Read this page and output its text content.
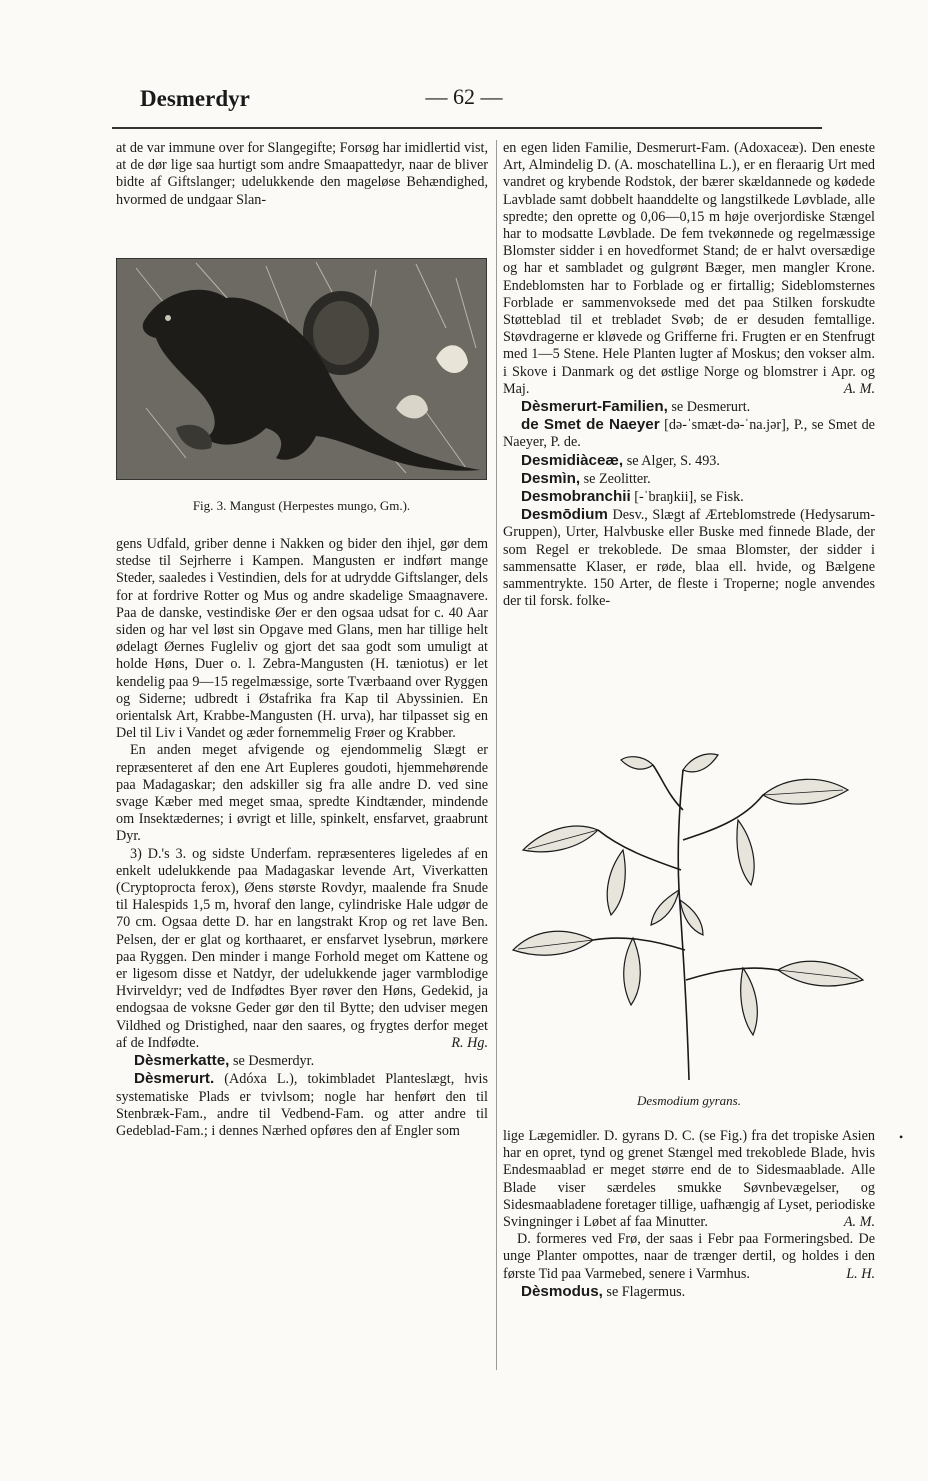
Desmerdyr	— 62 —

at de var immune over for Slangegifte; Forsøg har imidlertid vist, at de dør lige saa hurtigt som andre Smaapattedyr, naar de bliver bidte af Giftslanger; udelukkende den mageløse Behændighed, hvormed de undgaar Slan-

Fig. 3. Mangust (Herpestes mungo, Gm.).

gens Udfald, griber denne i Nakken og bider den ihjel, gør dem stedse til Sejrherre i Kampen. Mangusten er indført mange Steder, saaledes i Vestindien, dels for at udrydde Giftslanger, dels for at fordrive Rotter og Mus og andre skadelige Smaagnavere. Paa de danske, vestindiske Øer er den ogsaa udsat for c. 40 Aar siden og har vel løst sin Opgave med Glans, men har tillige helt ødelagt Øernes Fugleliv og gjort det saa godt som umuligt at holde Høns, Duer o. l. Zebra-Mangusten (H. tæniotus) er let kendelig paa 9—15 regelmæssige, sorte Tværbaand over Ryggen og Siderne; udbredt i Østafrika fra Kap til Abyssinien. En orientalsk Art, Krabbe-Mangusten (H. urva), har tilpasset sig en Del til Liv i Vandet og æder fornemmelig Frøer og Krabber.

En anden meget afvigende og ejendommelig Slægt er repræsenteret af den ene Art Eupleres goudoti, hjemmehørende paa Madagaskar; den adskiller sig fra alle andre D. ved sine svage Kæber med meget smaa, spredte Kindtænder, mindende om Insektædernes; i øvrigt et lille, spinkelt, ensfarvet, graabrunt Dyr.

3) D.'s 3. og sidste Underfam. repræsenteres ligeledes af en enkelt udelukkende paa Madagaskar levende Art, Viverkatten (Cryptoprocta ferox), Øens største Rovdyr, maalende fra Snude til Halespids 1,5 m, hvoraf den lange, cylindriske Hale udgør de 70 cm. Ogsaa dette D. har en langstrakt Krop og ret lave Ben. Pelsen, der er glat og korthaaret, er ensfarvet lysebrun, mørkere paa Ryggen. Den minder i mange Forhold meget om Kattene og er ligesom disse et Natdyr, der udelukkende jager varmblodige Hvirveldyr; ved de Indfødtes Byer røver den Høns, Gedekid, ja endogsaa de voksne Geder gør den til Bytte; den udviser megen Vildhed og Dristighed, naar den saares, og frygtes derfor meget af de Indfødte.	R. Hg.

Dèsmerkatte, se Desmerdyr.

Dèsmerurt. (Adóxa L.), tokimbladet Planteslægt, hvis systematiske Plads er tvivlsom; nogle har henført den til Stenbræk-Fam., andre til Vedbend-Fam. og atter andre til Gedeblad-Fam.; i dennes Nærhed opføres den af Engler som

en egen liden Familie, Desmerurt-Fam. (Adoxaceæ). Den eneste Art, Almindelig D. (A. moschatellina L.), er en fleraarig Urt med vandret og krybende Rodstok, der bærer skældannede og kødede Lavblade samt dobbelt haanddelte og langstilkede Løvblade, alle spredte; den oprette og 0,06—0,15 m høje overjordiske Stængel har to modsatte Løvblade. De fem tvekønnede og regelmæssige Blomster sidder i en hovedformet Stand; de er halvt oversædige og har et sambladet og gulgrønt Bæger, men mangler Krone. Endeblomsten har to Forblade og er firtallig; Sideblomsternes Forblade er sammenvoksede med det paa Stilken forskudte Støtteblad til et trebladet Svøb; de er desuden femtallige. Støvdragerne er kløvede og Grifferne fri. Frugten er en Stenfrugt med 1—5 Stene. Hele Planten lugter af Moskus; den vokser alm. i Skove i Danmark og det østlige Norge og blomstrer i Apr. og Maj.	A. M.

Dèsmerurt-Familien, se Desmerurt.

de Smet de Naeyer [də-ˈsmæt-də-ˈna.jər], P., se Smet de Naeyer, P. de.

Desmidiàceæ, se Alger, S. 493.

Desmìn, se Zeolitter.

Desmobranchii [-ˈbraŋkii], se Fisk.

Desmōdium Desv., Slægt af Ærteblomstrede (Hedysarum-Gruppen), Urter, Halvbuske eller Buske med finnede Blade, der som Regel er trekoblede. De smaa Blomster, der sidder i sammensatte Klaser, er røde, blaa ell. hvide, og Bælgene sammentrykte. 150 Arter, de fleste i Troperne; nogle anvendes der til forsk. folke-

Desmodium gyrans.

lige Lægemidler. D. gyrans D. C. (se Fig.) fra det tropiske Asien har en opret, tynd og grenet Stængel med trekoblede Blade, hvis Endesmaablad er meget større end de to Sidesmaablade. Alle Blade viser særdeles smukke Søvnbevægelser, og Sidesmaabladene foretager tillige, uafhængig af Lyset, periodiske Svingninger i Løbet af faa Minutter.	A. M.

D. formeres ved Frø, der saas i Febr paa Formeringsbed. De unge Planter ompottes, naar de trænger dertil, og holdes i den første Tid paa Varmebed, senere i Varmhus.	L. H.

Dèsmodus, se Flagermus.

•
